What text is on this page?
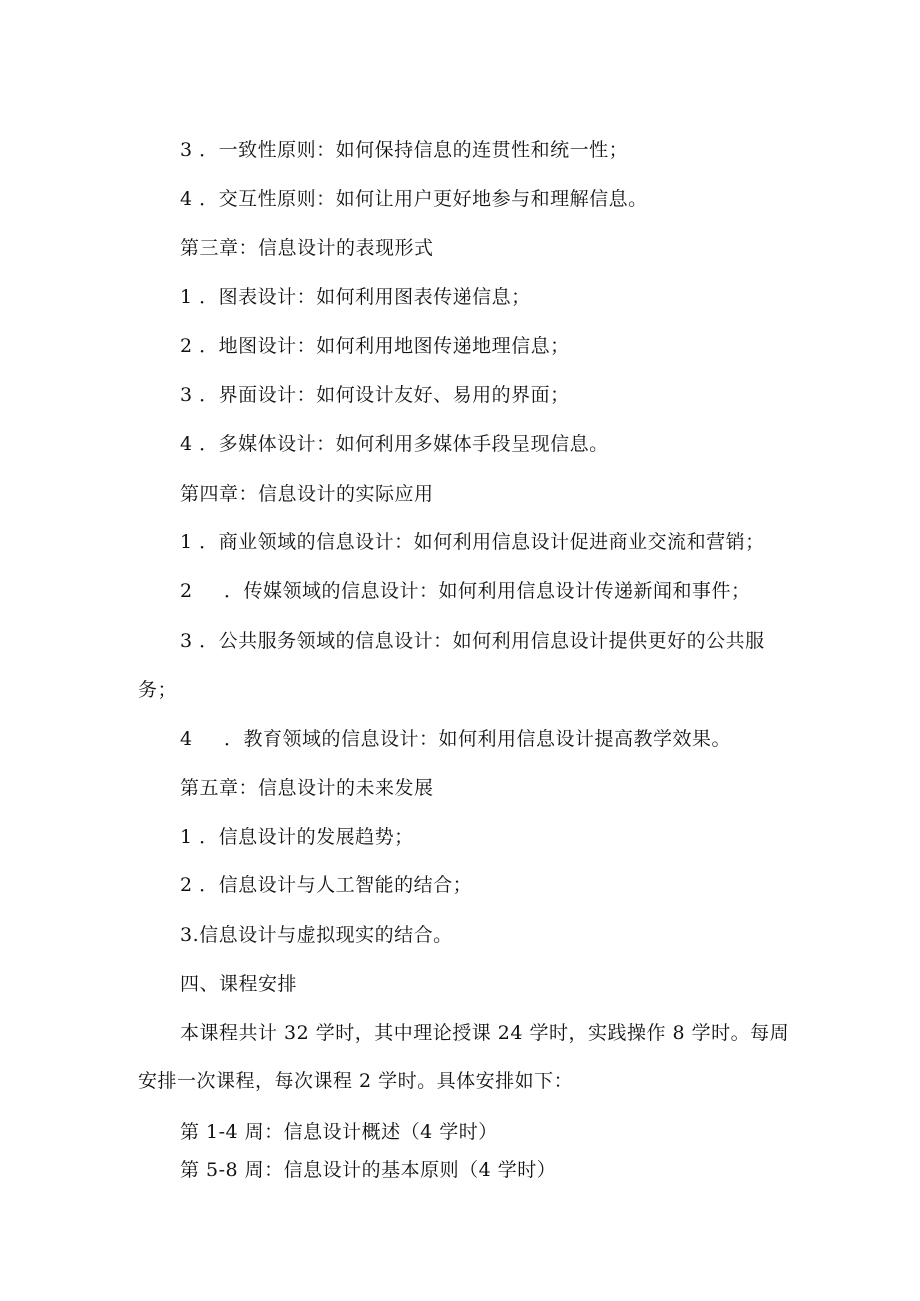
3 ．一致性原则：如何保持信息的连贯性和统一性；
4 ．交互性原则：如何让用户更好地参与和理解信息。
第三章：信息设计的表现形式
1 ．图表设计：如何利用图表传递信息；
2 ．地图设计：如何利用地图传递地理信息；
3 ．界面设计：如何设计友好、易用的界面；
4 ．多媒体设计：如何利用多媒体手段呈现信息。
第四章：信息设计的实际应用
1 ．商业领域的信息设计：如何利用信息设计促进商业交流和营销；
2 ．传媒领域的信息设计：如何利用信息设计传递新闻和事件；
3 ．公共服务领域的信息设计：如何利用信息设计提供更好的公共服
务；
4 ．教育领域的信息设计：如何利用信息设计提高教学效果。
第五章：信息设计的未来发展
1 ．信息设计的发展趋势；
2 ．信息设计与人工智能的结合；
3.信息设计与虚拟现实的结合。
四、课程安排
本课程共计 32 学时，其中理论授课 24 学时，实践操作 8 学时。每周
安排一次课程，每次课程 2 学时。具体安排如下：
第 1-4 周：信息设计概述（4 学时）
第 5-8 周：信息设计的基本原则（4 学时）
